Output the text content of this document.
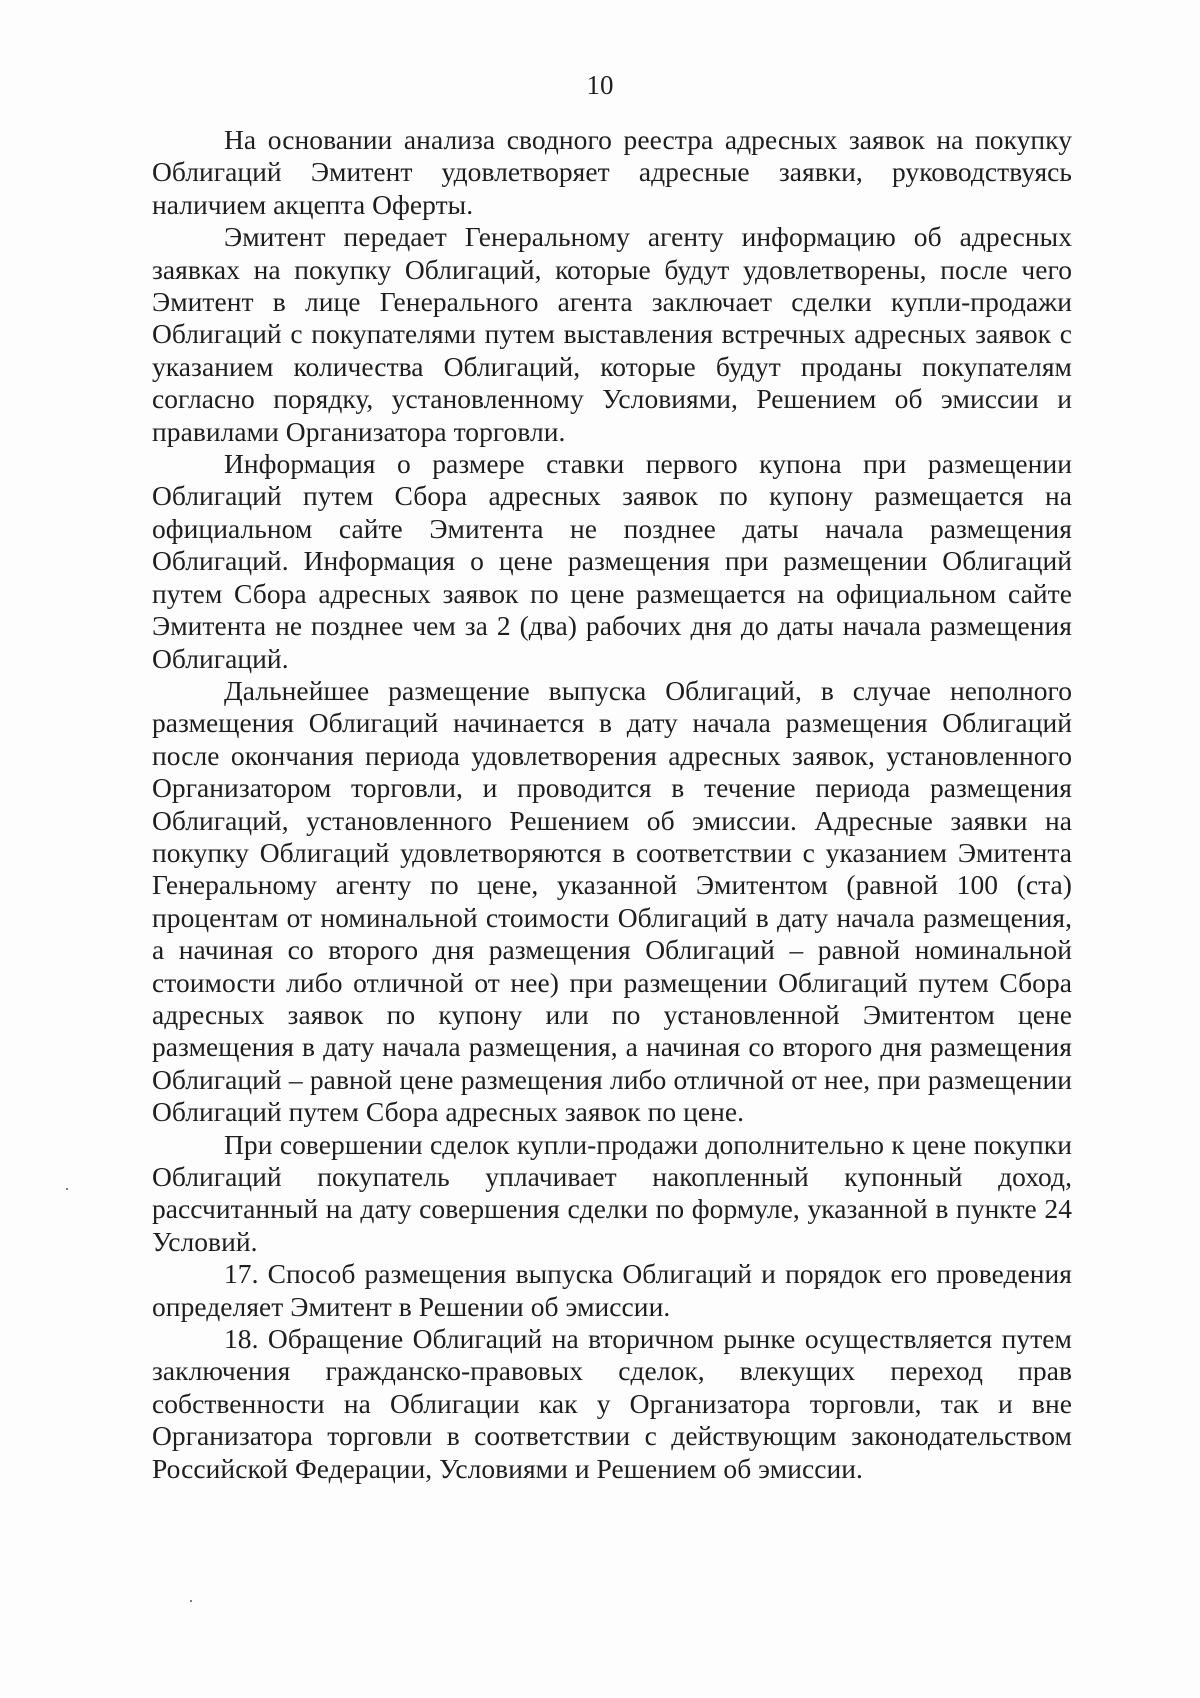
10

На основании анализа сводного реестра адресных заявок на покупку Облигаций Эмитент удовлетворяет адресные заявки, руководствуясь наличием акцепта Оферты.

Эмитент передает Генеральному агенту информацию об адресных заявках на покупку Облигаций, которые будут удовлетворены, после чего Эмитент в лице Генерального агента заключает сделки купли-продажи Облигаций с покупателями путем выставления встречных адресных заявок с указанием количества Облигаций, которые будут проданы покупателям согласно порядку, установленному Условиями, Решением об эмиссии и правилами Организатора торговли.

Информация о размере ставки первого купона при размещении Облигаций путем Сбора адресных заявок по купону размещается на официальном сайте Эмитента не позднее даты начала размещения Облигаций. Информация о цене размещения при размещении Облигаций путем Сбора адресных заявок по цене размещается на официальном сайте Эмитента не позднее чем за 2 (два) рабочих дня до даты начала размещения Облигаций.

Дальнейшее размещение выпуска Облигаций, в случае неполного размещения Облигаций начинается в дату начала размещения Облигаций после окончания периода удовлетворения адресных заявок, установленного Организатором торговли, и проводится в течение периода размещения Облигаций, установленного Решением об эмиссии. Адресные заявки на покупку Облигаций удовлетворяются в соответствии с указанием Эмитента Генеральному агенту по цене, указанной Эмитентом (равной 100 (ста) процентам от номинальной стоимости Облигаций в дату начала размещения, а начиная со второго дня размещения Облигаций – равной номинальной стоимости либо отличной от нее) при размещении Облигаций путем Сбора адресных заявок по купону или по установленной Эмитентом цене размещения в дату начала размещения, а начиная со второго дня размещения Облигаций – равной цене размещения либо отличной от нее, при размещении Облигаций путем Сбора адресных заявок по цене.

При совершении сделок купли-продажи дополнительно к цене покупки Облигаций покупатель уплачивает накопленный купонный доход, рассчитанный на дату совершения сделки по формуле, указанной в пункте 24 Условий.

17. Способ размещения выпуска Облигаций и порядок его проведения определяет Эмитент в Решении об эмиссии.

18. Обращение Облигаций на вторичном рынке осуществляется путем заключения гражданско-правовых сделок, влекущих переход прав собственности на Облигации как у Организатора торговли, так и вне Организатора торговли в соответствии с действующим законодательством Российской Федерации, Условиями и Решением об эмиссии.
